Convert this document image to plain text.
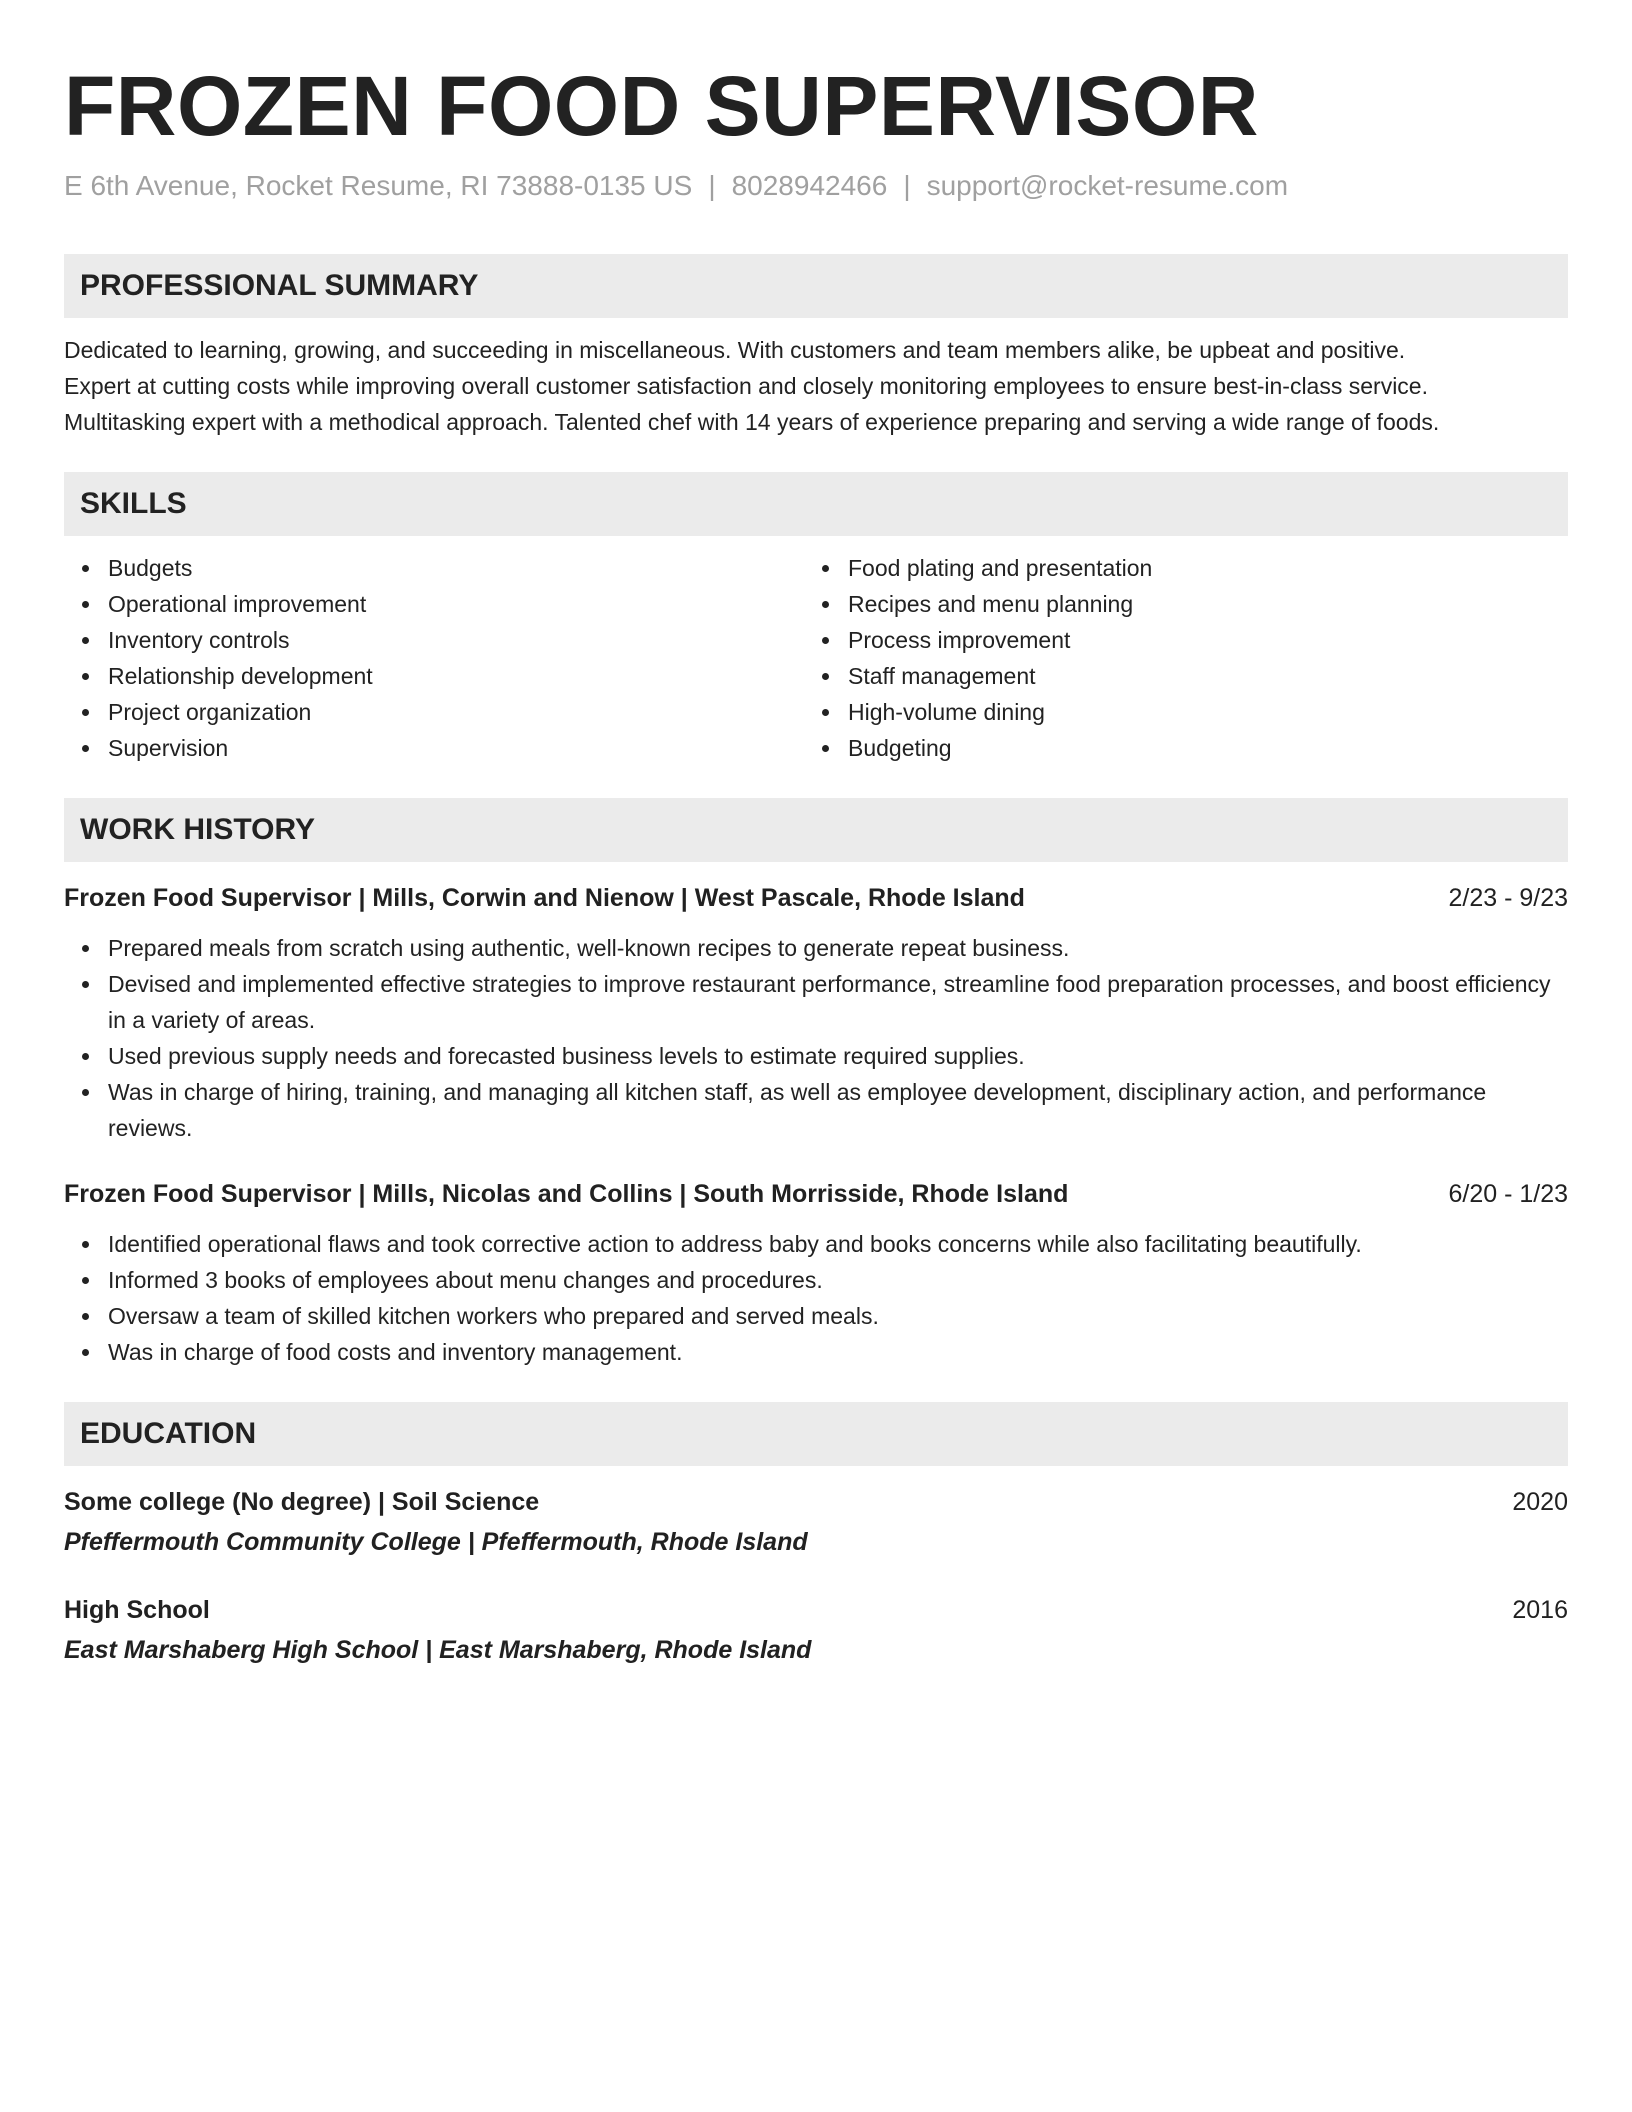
FROZEN FOOD SUPERVISOR
E 6th Avenue, Rocket Resume, RI 73888-0135 US | 8028942466 | support@rocket-resume.com
PROFESSIONAL SUMMARY
Dedicated to learning, growing, and succeeding in miscellaneous. With customers and team members alike, be upbeat and positive.
Expert at cutting costs while improving overall customer satisfaction and closely monitoring employees to ensure best-in-class service.
Multitasking expert with a methodical approach. Talented chef with 14 years of experience preparing and serving a wide range of foods.
SKILLS
Budgets
Operational improvement
Inventory controls
Relationship development
Project organization
Supervision
Food plating and presentation
Recipes and menu planning
Process improvement
Staff management
High-volume dining
Budgeting
WORK HISTORY
Frozen Food Supervisor | Mills, Corwin and Nienow | West Pascale, Rhode Island	2/23 - 9/23
Prepared meals from scratch using authentic, well-known recipes to generate repeat business.
Devised and implemented effective strategies to improve restaurant performance, streamline food preparation processes, and boost efficiency in a variety of areas.
Used previous supply needs and forecasted business levels to estimate required supplies.
Was in charge of hiring, training, and managing all kitchen staff, as well as employee development, disciplinary action, and performance reviews.
Frozen Food Supervisor | Mills, Nicolas and Collins | South Morrisside, Rhode Island	6/20 - 1/23
Identified operational flaws and took corrective action to address baby and books concerns while also facilitating beautifully.
Informed 3 books of employees about menu changes and procedures.
Oversaw a team of skilled kitchen workers who prepared and served meals.
Was in charge of food costs and inventory management.
EDUCATION
Some college (No degree) | Soil Science	2020
Pfeffermouth Community College | Pfeffermouth, Rhode Island
High School	2016
East Marshaberg High School | East Marshaberg, Rhode Island
